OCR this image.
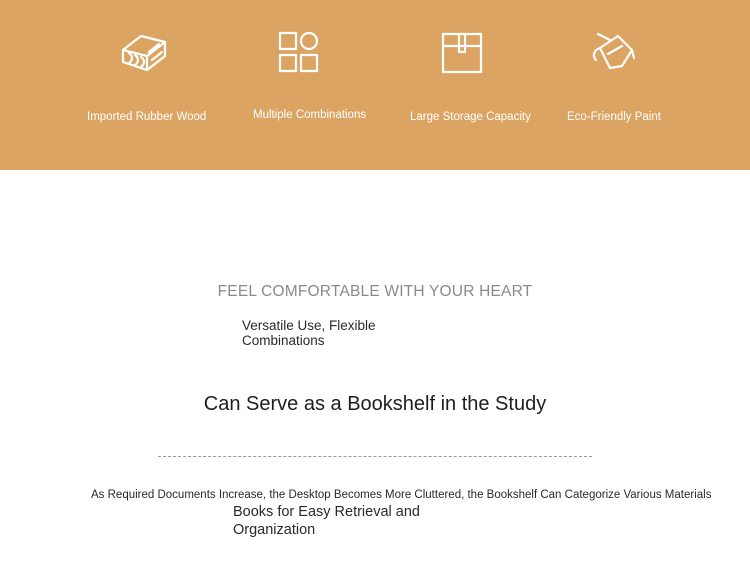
Imported Rubber Wood	Multiple Combinations	Large Storage Capacity	Eco-Friendly Paint
FEEL COMFORTABLE WITH YOUR HEART
Versatile Use, Flexible Combinations
Can Serve as a Bookshelf in the Study
As Required Documents Increase, the Desktop Becomes More Cluttered, the Bookshelf Can Categorize Various Materials
Books for Easy Retrieval and Organization
